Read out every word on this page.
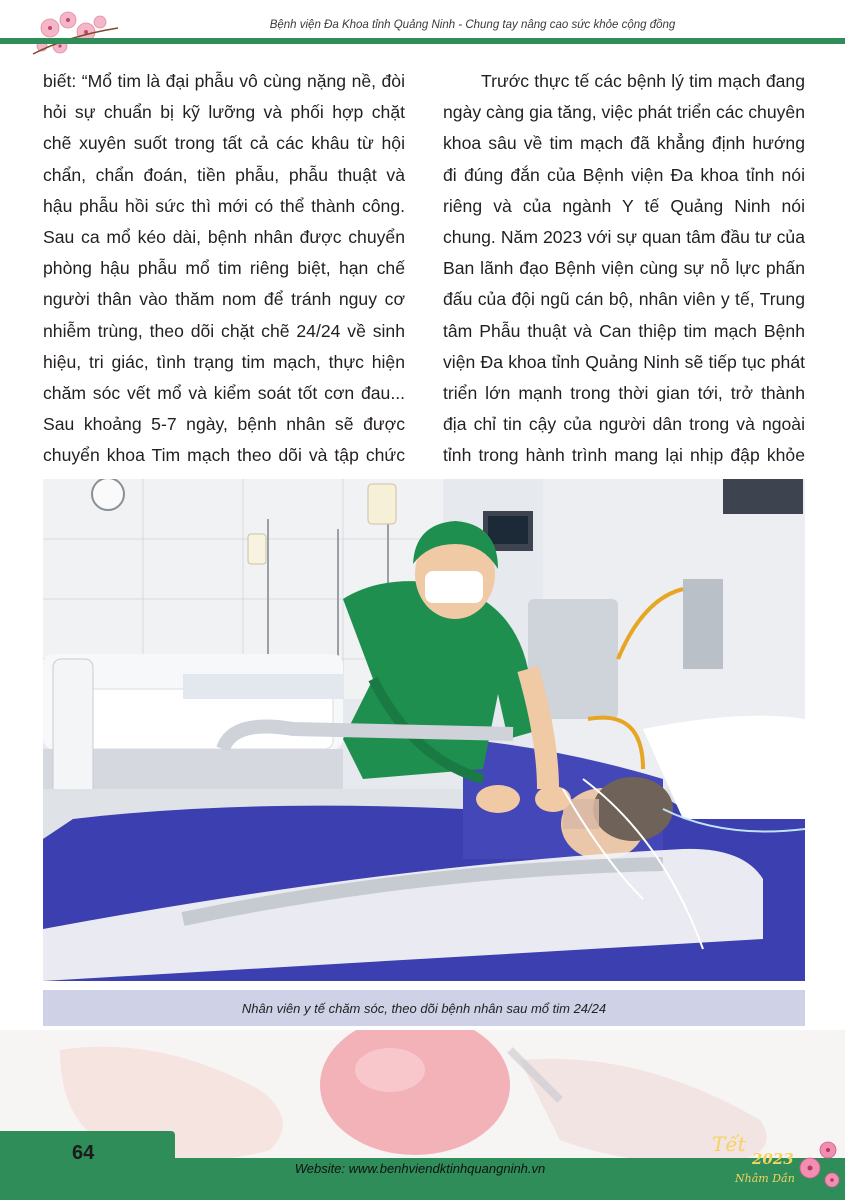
Bệnh viện Đa Khoa tỉnh Quảng Ninh - Chung tay nâng cao sức khỏe cộng đồng

biết: “Mổ tim là đại phẫu vô cùng nặng nề, đòi hỏi sự chuẩn bị kỹ lưỡng và phối hợp chặt chẽ xuyên suốt trong tất cả các khâu từ hội chẩn, chẩn đoán, tiền phẫu, phẫu thuật và hậu phẫu hồi sức thì mới có thể thành công. Sau ca mổ kéo dài, bệnh nhân được chuyển phòng hậu phẫu mổ tim riêng biệt, hạn chế người thân vào thăm nom để tránh nguy cơ nhiễm trùng, theo dõi chặt chẽ 24/24 về sinh hiệu, tri giác, tình trạng tim mạch, thực hiện chăm sóc vết mổ và kiểm soát tốt cơn đau... Sau khoảng 5-7 ngày, bệnh nhân sẽ được chuyển khoa Tim mạch theo dõi và tập chức

Trước thực tế các bệnh lý tim mạch đang ngày càng gia tăng, việc phát triển các chuyên khoa sâu về tim mạch đã khẳng định hướng đi đúng đắn của Bệnh viện Đa khoa tỉnh nói riêng và của ngành Y tế Quảng Ninh nói chung. Năm 2023 với sự quan tâm đầu tư của Ban lãnh đạo Bệnh viện cùng sự nỗ lực phấn đấu của đội ngũ cán bộ, nhân viên y tế, Trung tâm Phẫu thuật và Can thiệp tim mạch Bệnh viện Đa khoa tỉnh Quảng Ninh sẽ tiếp tục phát triển lớn mạnh trong thời gian tới, trở thành địa chỉ tin cậy của người dân trong và ngoài tỉnh trong hành trình mang lại nhịp đập khỏe

Nhân viên y tế chăm sóc, theo dõi bệnh nhân sau mổ tim 24/24
64
Website: www.benhviendktinhquangninh.vn
Tết
2023
Nhâm Dần
